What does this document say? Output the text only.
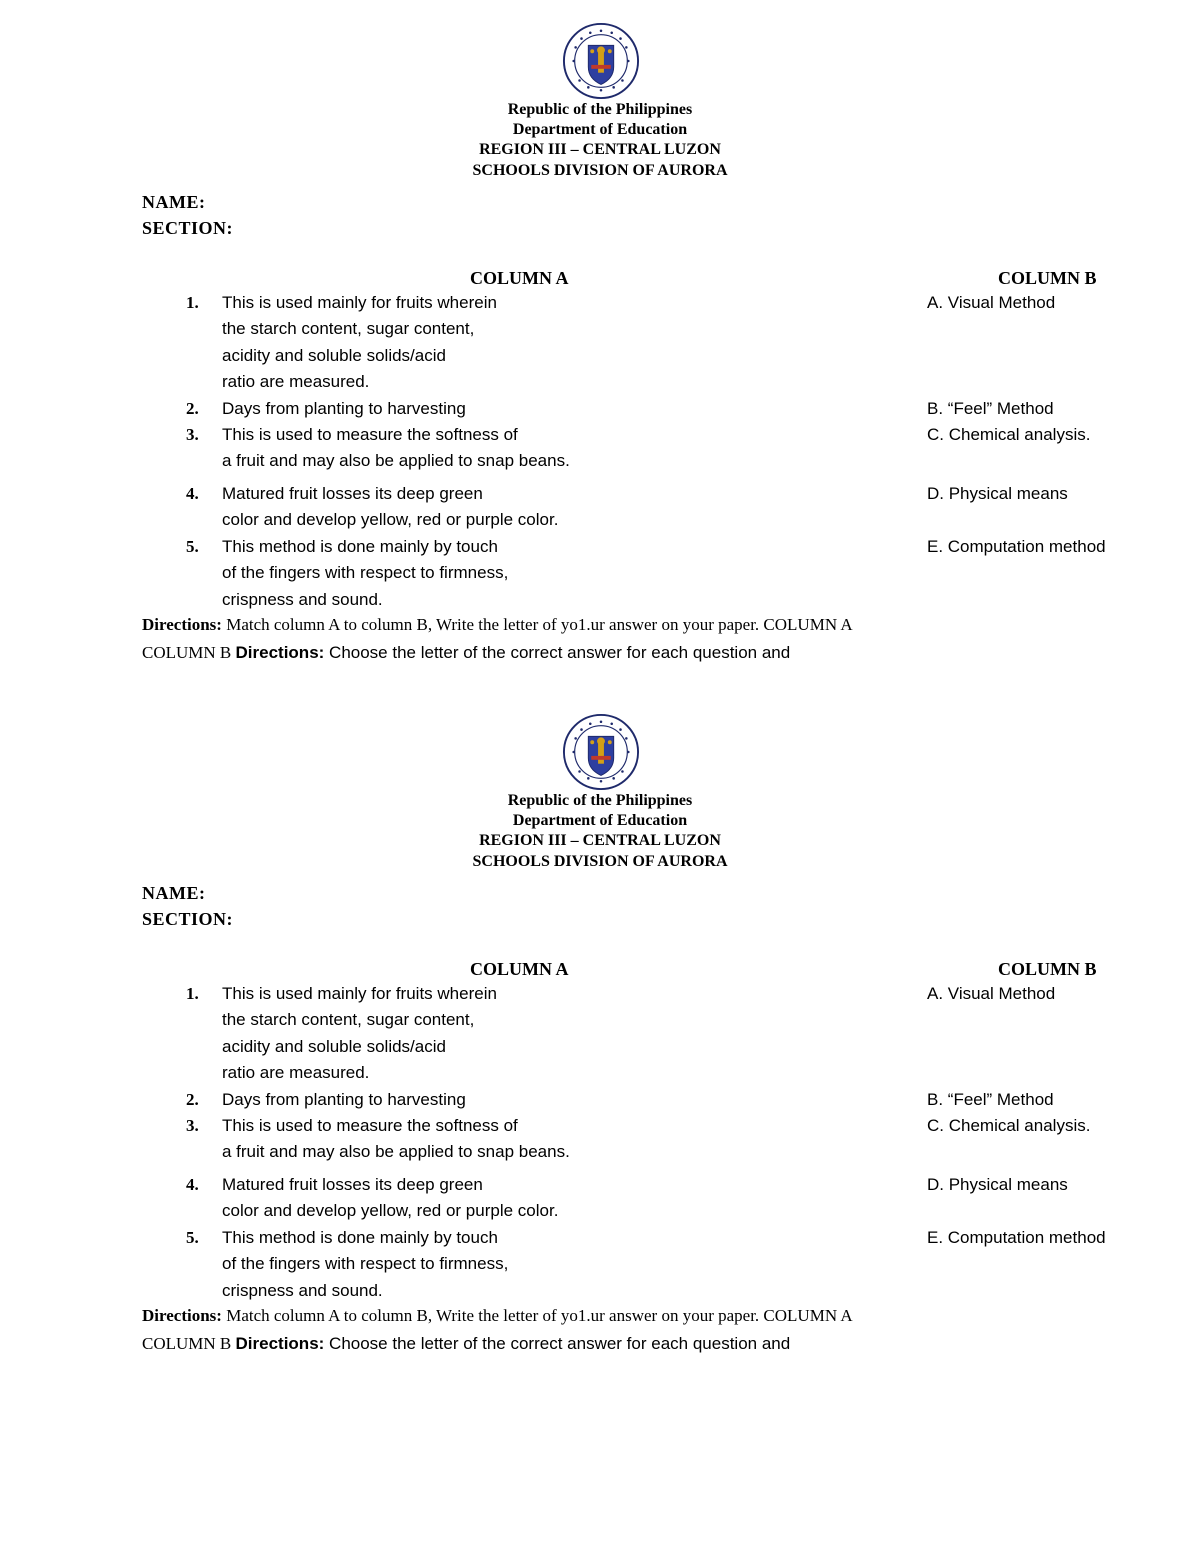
Republic of the Philippines
Department of Education
REGION III – CENTRAL LUZON
SCHOOLS DIVISION OF AURORA
NAME:
SECTION:
COLUMN A	COLUMN B
1. This is used mainly for fruits wherein
the starch content, sugar content,
acidity and soluble solids/acid
ratio are measured.
2. Days from planting to harvesting
3. This is used to measure the softness of
a fruit and may also be applied to snap beans.
4. Matured fruit losses its deep green
color and develop yellow, red or purple color.
5. This method is done mainly by touch
of the fingers with respect to firmness,
crispness and sound.
A. Visual Method
B. “Feel” Method
C. Chemical analysis.
D. Physical means
E. Computation method
Directions: Match column A to column B, Write the letter of yo1.ur answer on your paper. COLUMN A
COLUMN B Directions: Choose the letter of the correct answer for each question and
Republic of the Philippines
Department of Education
REGION III – CENTRAL LUZON
SCHOOLS DIVISION OF AURORA
NAME:
SECTION:
COLUMN A	COLUMN B
1. This is used mainly for fruits wherein
the starch content, sugar content,
acidity and soluble solids/acid
ratio are measured.
2. Days from planting to harvesting
3. This is used to measure the softness of
a fruit and may also be applied to snap beans.
4. Matured fruit losses its deep green
color and develop yellow, red or purple color.
5. This method is done mainly by touch
of the fingers with respect to firmness,
crispness and sound.
A. Visual Method
B. “Feel” Method
C. Chemical analysis.
D. Physical means
E. Computation method
Directions: Match column A to column B, Write the letter of yo1.ur answer on your paper. COLUMN A
COLUMN B Directions: Choose the letter of the correct answer for each question and
